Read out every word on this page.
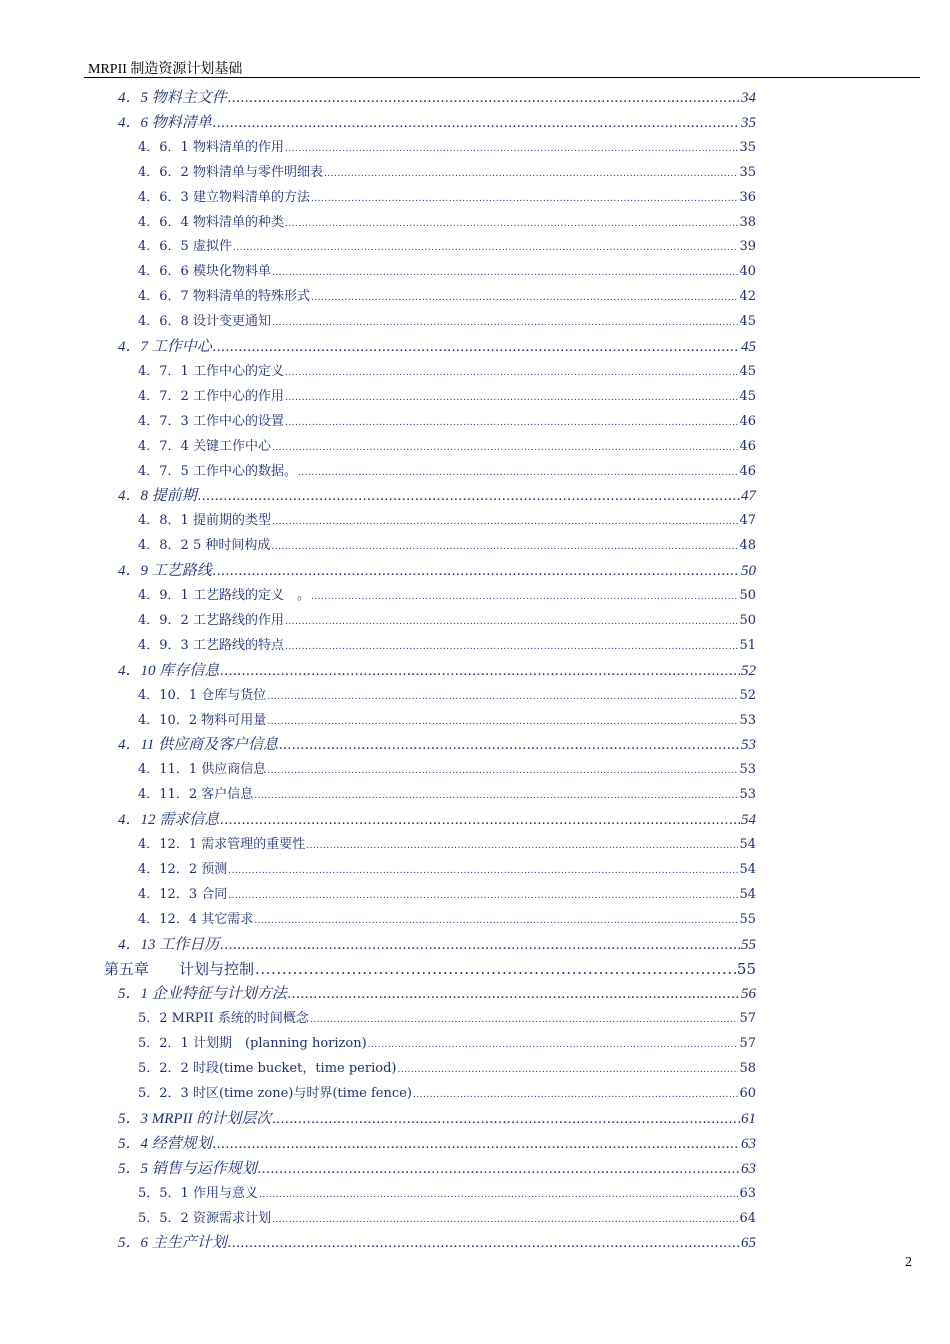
MRPII 制造资源计划基础
4．5 物料主文件 .....	34
4．6 物料清单 .....	35
4．6．1 物料清单的作用 .....	35
4．6．2 物料清单与零件明细表 .....	35
4．6．3 建立物料清单的方法 .....	36
4．6．4 物料清单的种类 .....	38
4．6．5 虚拟件 .....	39
4．6．6 模块化物料单 .....	40
4．6．7 物料清单的特殊形式 .....	42
4．6．8 设计变更通知 .....	45
4．7 工作中心 .....	45
4．7．1 工作中心的定义 .....	45
4．7．2 工作中心的作用 .....	45
4．7．3 工作中心的设置 .....	46
4．7．4 关键工作中心 .....	46
4．7．5 工作中心的数据。 .....	46
4．8 提前期 .....	47
4．8．1 提前期的类型 .....	47
4．8．2 5 种时间构成 .....	48
4．9 工艺路线 .....	50
4．9．1 工艺路线的定义　。 .....	50
4．9．2 工艺路线的作用 .....	50
4．9．3 工艺路线的特点 .....	51
4．10 库存信息 .....	52
4．10．1 仓库与货位 .....	52
4．10．2 物料可用量 .....	53
4．11 供应商及客户信息 .....	53
4．11．1 供应商信息 .....	53
4．11．2 客户信息 .....	53
4．12 需求信息 .....	54
4．12．1 需求管理的重要性 .....	54
4．12．2 预测 .....	54
4．12．3 合同 .....	54
4．12．4 其它需求 .....	55
4．13 工作日历 .....	55
第五章　　计划与控制 .....	55
5．1 企业特征与计划方法 .....	56
5．2 MRPII 系统的时间概念 .....	57
5．2．1 计划期　(planning horizon) .....	57
5．2．2 时段(time bucket，time period) .....	58
5．2．3 时区(time zone)与时界(time fence) .....	60
5．3 MRPII 的计划层次 .....	61
5．4 经营规划 .....	63
5．5 销售与运作规划 .....	63
5．5．1 作用与意义 .....	63
5．5．2 资源需求计划 .....	64
5．6 主生产计划 .....	65
2
